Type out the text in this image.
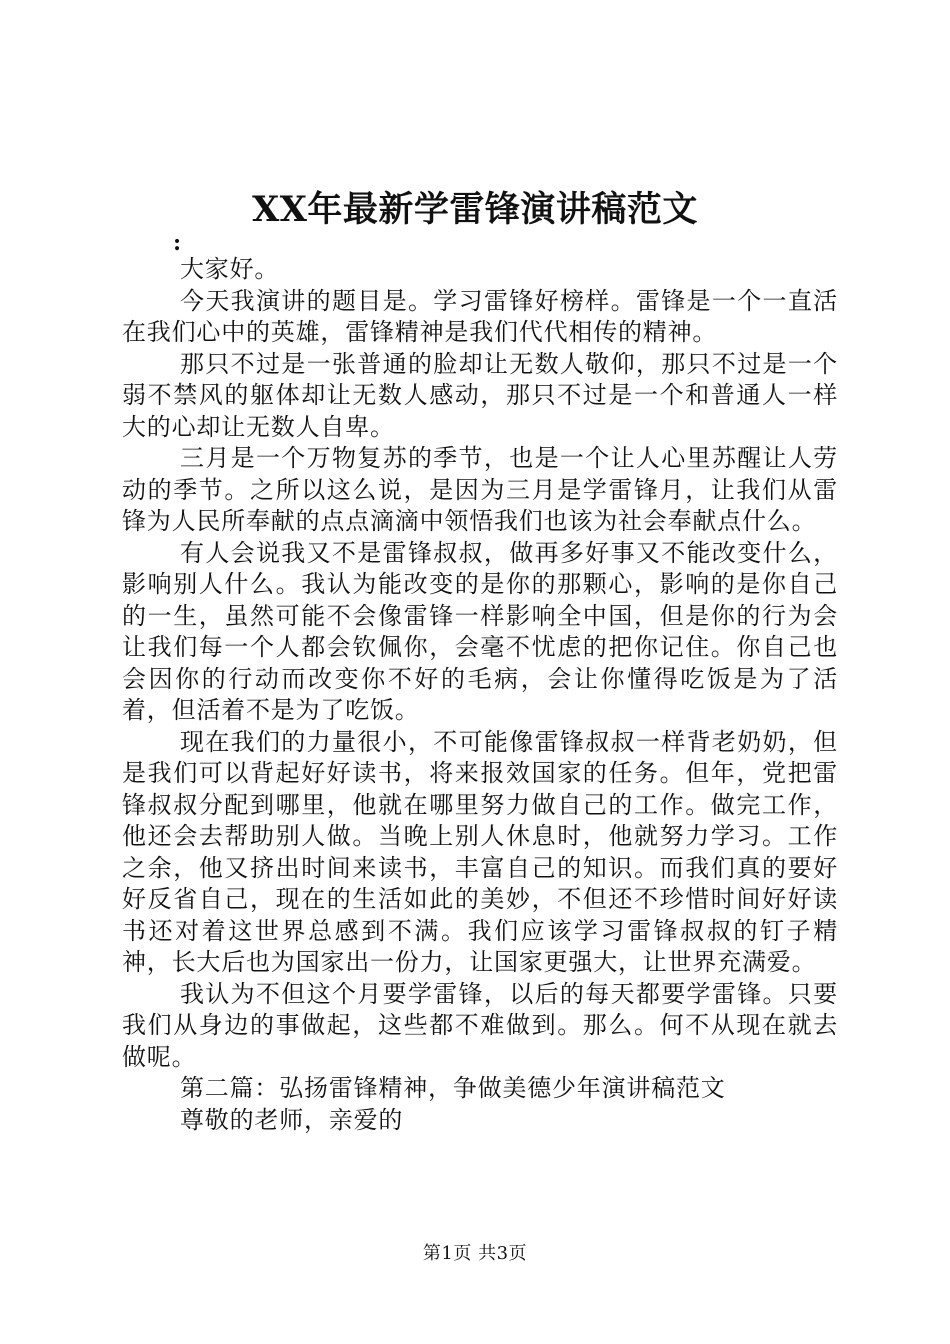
XX年最新学雷锋演讲稿范文

:

大家好。

今天我演讲的题目是。学习雷锋好榜样。雷锋是一个一直活在我们心中的英雄，雷锋精神是我们代代相传的精神。

那只不过是一张普通的脸却让无数人敬仰，那只不过是一个弱不禁风的躯体却让无数人感动，那只不过是一个和普通人一样大的心却让无数人自卑。

三月是一个万物复苏的季节，也是一个让人心里苏醒让人劳动的季节。之所以这么说，是因为三月是学雷锋月，让我们从雷锋为人民所奉献的点点滴滴中领悟我们也该为社会奉献点什么。

有人会说我又不是雷锋叔叔，做再多好事又不能改变什么，影响别人什么。我认为能改变的是你的那颗心，影响的是你自己的一生，虽然可能不会像雷锋一样影响全中国，但是你的行为会让我们每一个人都会钦佩你，会毫不忧虑的把你记住。你自己也会因你的行动而改变你不好的毛病，会让你懂得吃饭是为了活着，但活着不是为了吃饭。

现在我们的力量很小，不可能像雷锋叔叔一样背老奶奶，但是我们可以背起好好读书，将来报效国家的任务。但年，党把雷锋叔叔分配到哪里，他就在哪里努力做自己的工作。做完工作，他还会去帮助别人做。当晚上别人休息时，他就努力学习。工作之余，他又挤出时间来读书，丰富自己的知识。而我们真的要好好反省自己，现在的生活如此的美妙，不但还不珍惜时间好好读书还对着这世界总感到不满。我们应该学习雷锋叔叔的钉子精神，长大后也为国家出一份力，让国家更强大，让世界充满爱。

我认为不但这个月要学雷锋，以后的每天都要学雷锋。只要我们从身边的事做起，这些都不难做到。那么。何不从现在就去做呢。

第二篇：弘扬雷锋精神，争做美德少年演讲稿范文

尊敬的老师，亲爱的

第1页 共3页
